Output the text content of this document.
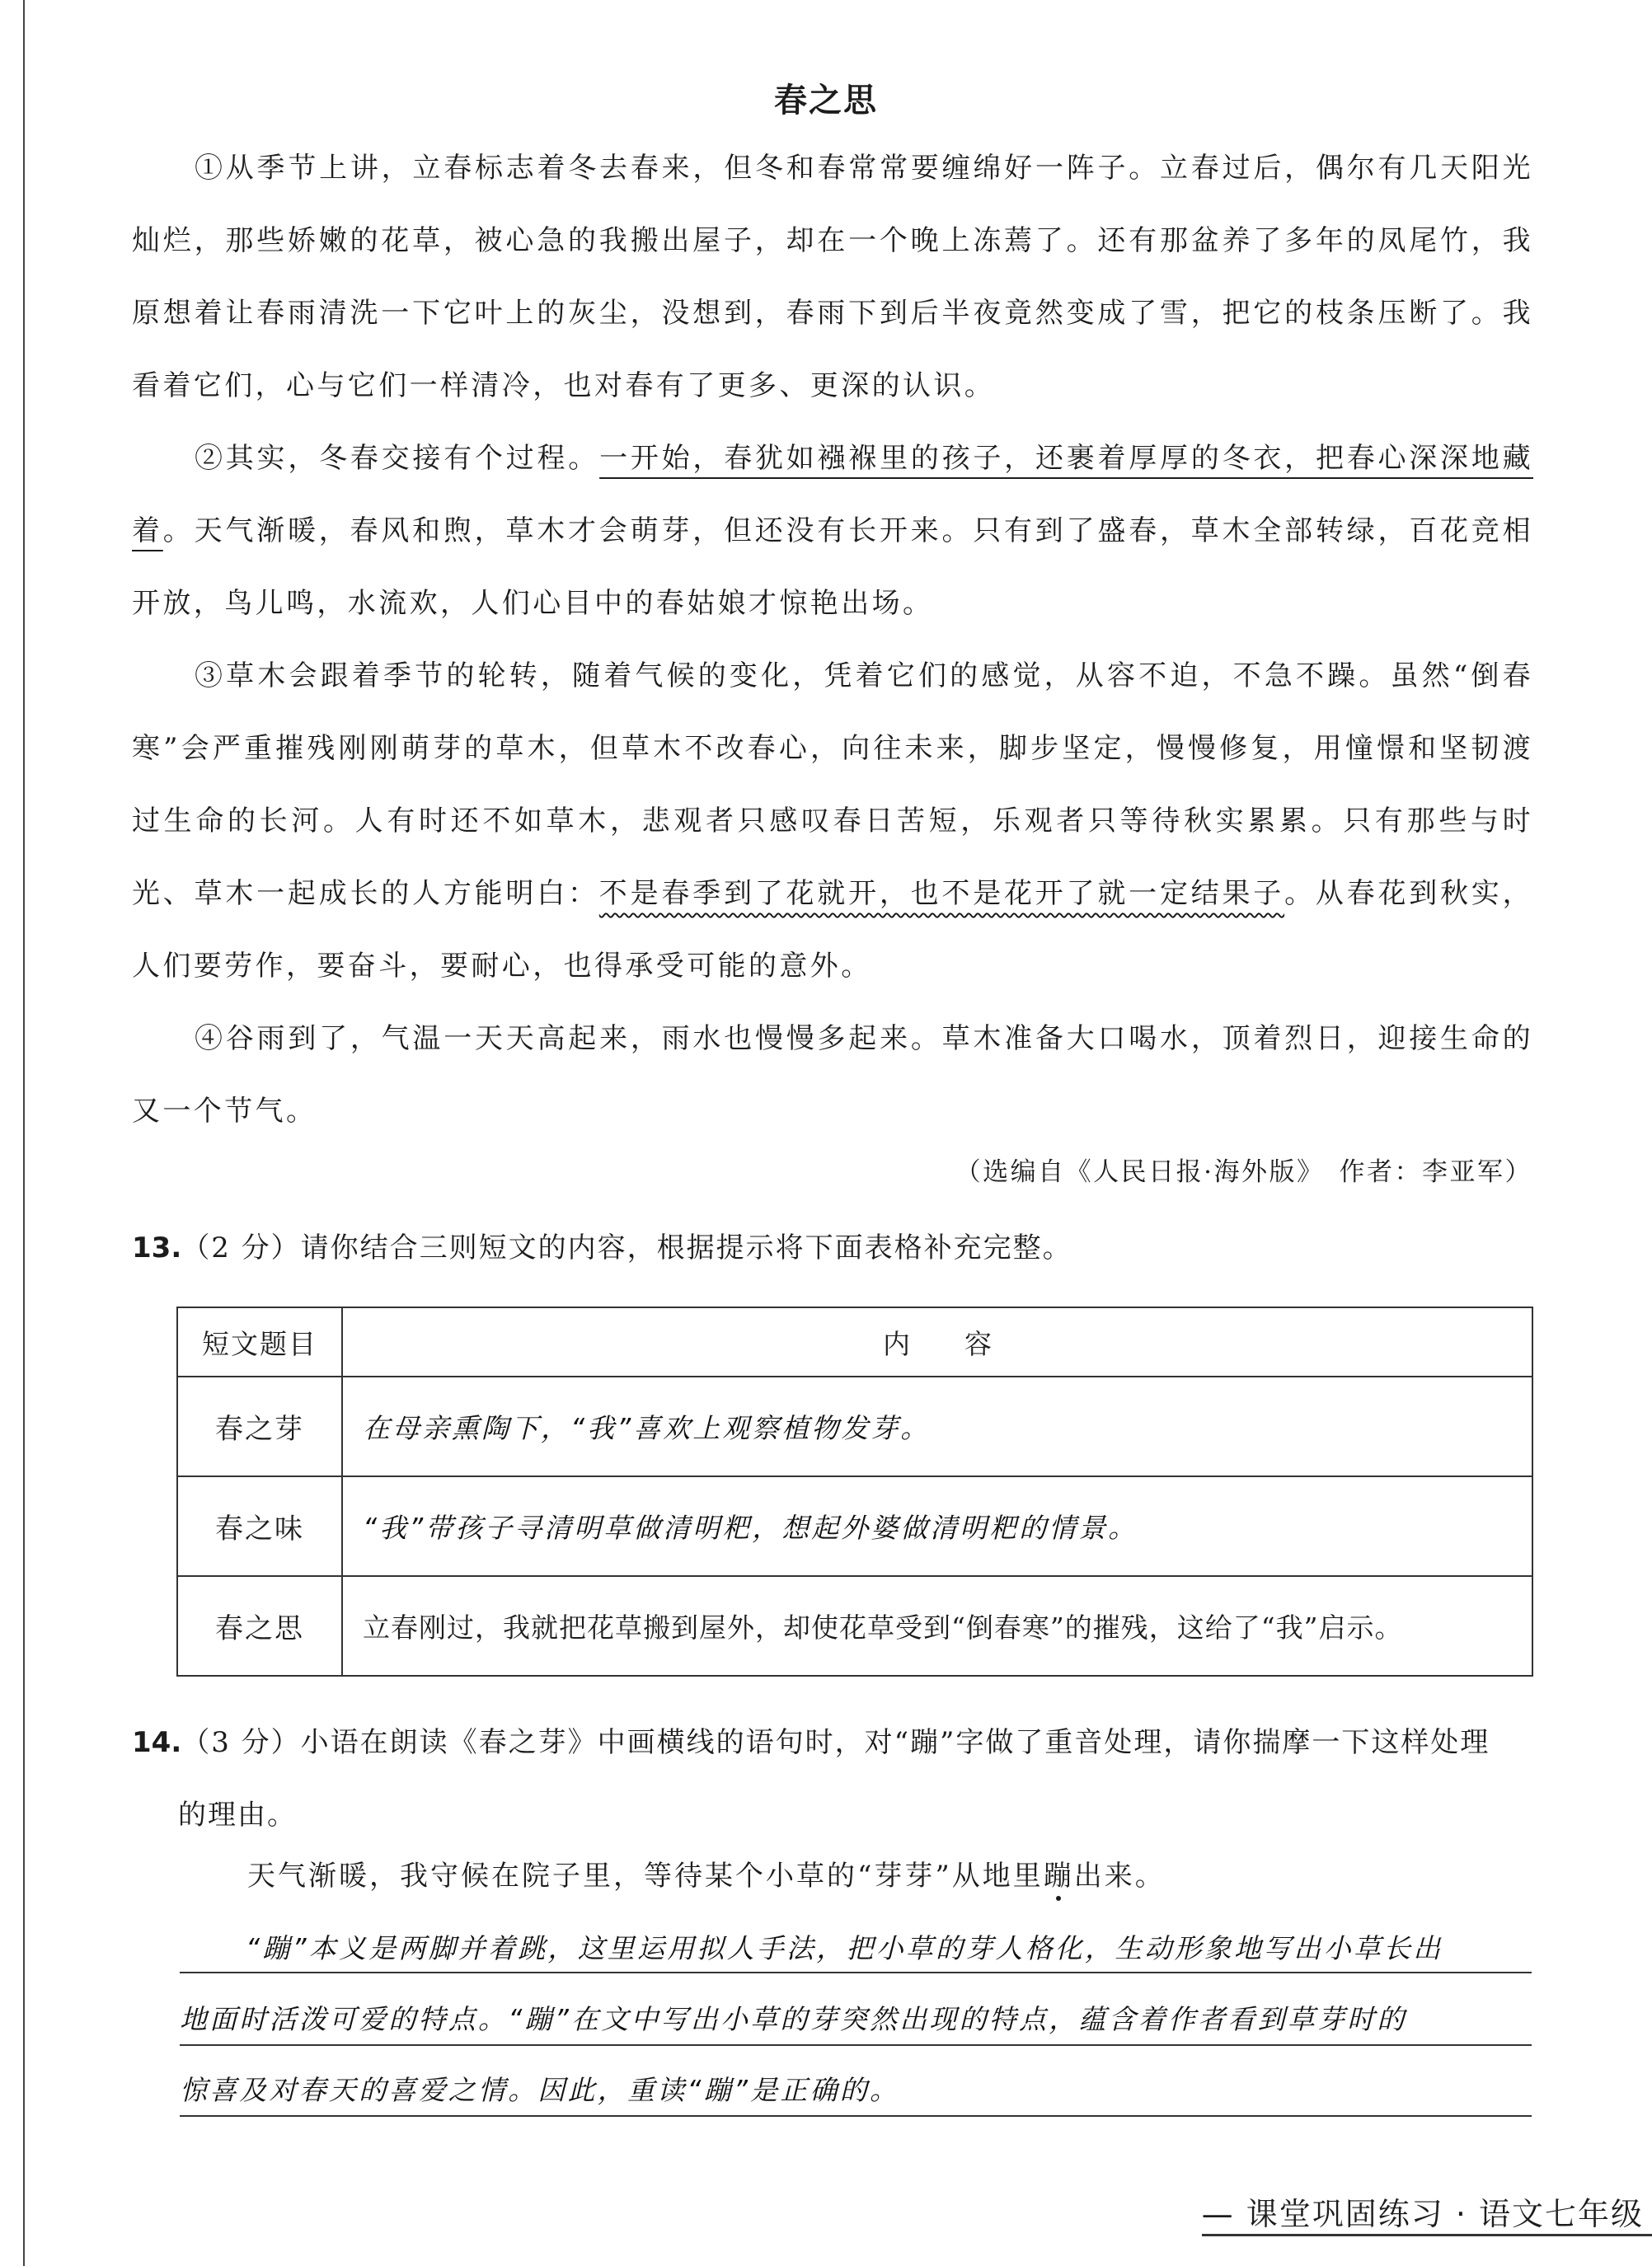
春之思

①从季节上讲，立春标志着冬去春来，但冬和春常常要缠绵好一阵子。立春过后，偶尔有几天阳光灿烂，那些娇嫩的花草，被心急的我搬出屋子，却在一个晚上冻蔫了。还有那盆养了多年的凤尾竹，我原想着让春雨清洗一下它叶上的灰尘，没想到，春雨下到后半夜竟然变成了雪，把它的枝条压断了。我看着它们，心与它们一样清冷，也对春有了更多、更深的认识。

②其实，冬春交接有个过程。一开始，春犹如襁褓里的孩子，还裹着厚厚的冬衣，把春心深深地藏着。天气渐暖，春风和煦，草木才会萌芽，但还没有长开来。只有到了盛春，草木全部转绿，百花竞相开放，鸟儿鸣，水流欢，人们心目中的春姑娘才惊艳出场。

③草木会跟着季节的轮转，随着气候的变化，凭着它们的感觉，从容不迫，不急不躁。虽然“倒春寒”会严重摧残刚刚萌芽的草木，但草木不改春心，向往未来，脚步坚定，慢慢修复，用憧憬和坚韧渡过生命的长河。人有时还不如草木，悲观者只感叹春日苦短，乐观者只等待秋实累累。只有那些与时光、草木一起成长的人方能明白：不是春季到了花就开，也不是花开了就一定结果子。从春花到秋实，人们要劳作，要奋斗，要耐心，也得承受可能的意外。

④谷雨到了，气温一天天高起来，雨水也慢慢多起来。草木准备大口喝水，顶着烈日，迎接生命的又一个节气。

（选编自《人民日报·海外版》　作者：李亚军）
13.（2 分）请你结合三则短文的内容，根据提示将下面表格补充完整。
短文题目	内　　容
春之芽	在母亲熏陶下，“我”喜欢上观察植物发芽。
春之味	“我”带孩子寻清明草做清明粑，想起外婆做清明粑的情景。
春之思	立春刚过，我就把花草搬到屋外，却使花草受到“倒春寒”的摧残，这给了“我”启示。
14.（3 分）小语在朗读《春之芽》中画横线的语句时，对“蹦”字做了重音处理，请你揣摩一下这样处理
的理由。
天气渐暖，我守候在院子里，等待某个小草的“芽芽”从地里蹦出来。
“蹦”本义是两脚并着跳，这里运用拟人手法，把小草的芽人格化，生动形象地写出小草长出
地面时活泼可爱的特点。“蹦”在文中写出小草的芽突然出现的特点，蕴含着作者看到草芽时的
惊喜及对春天的喜爱之情。因此，重读“蹦”是正确的。
— 课堂巩固练习 · 语文七年级
